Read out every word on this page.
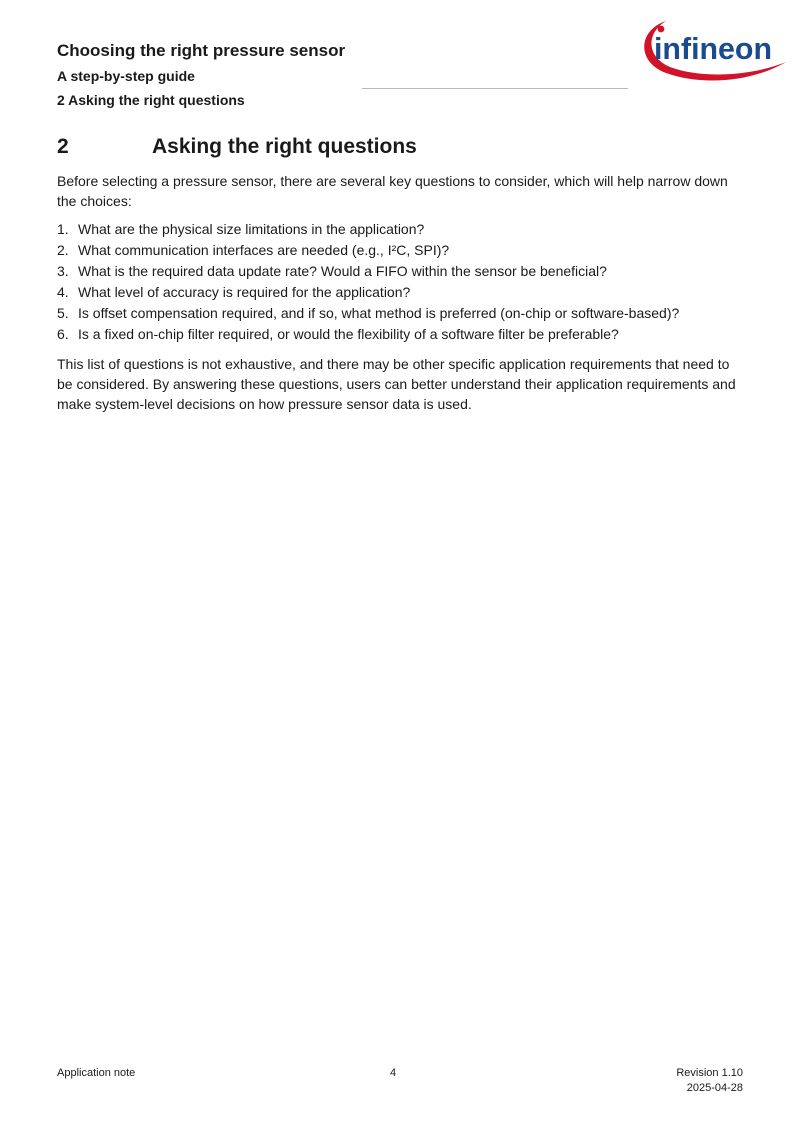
Choosing the right pressure sensor

A step-by-step guide

2 Asking the right questions

infineon
2	Asking the right questions

Before selecting a pressure sensor, there are several key questions to consider, which will help narrow down the choices:

1. What are the physical size limitations in the application?
2. What communication interfaces are needed (e.g., I²C, SPI)?
3. What is the required data update rate? Would a FIFO within the sensor be beneficial?
4. What level of accuracy is required for the application?
5. Is offset compensation required, and if so, what method is preferred (on-chip or software-based)?
6. Is a fixed on-chip filter required, or would the flexibility of a software filter be preferable?

This list of questions is not exhaustive, and there may be other specific application requirements that need to be considered. By answering these questions, users can better understand their application requirements and make system-level decisions on how pressure sensor data is used.

Application note	4	Revision 1.10
2025-04-28
